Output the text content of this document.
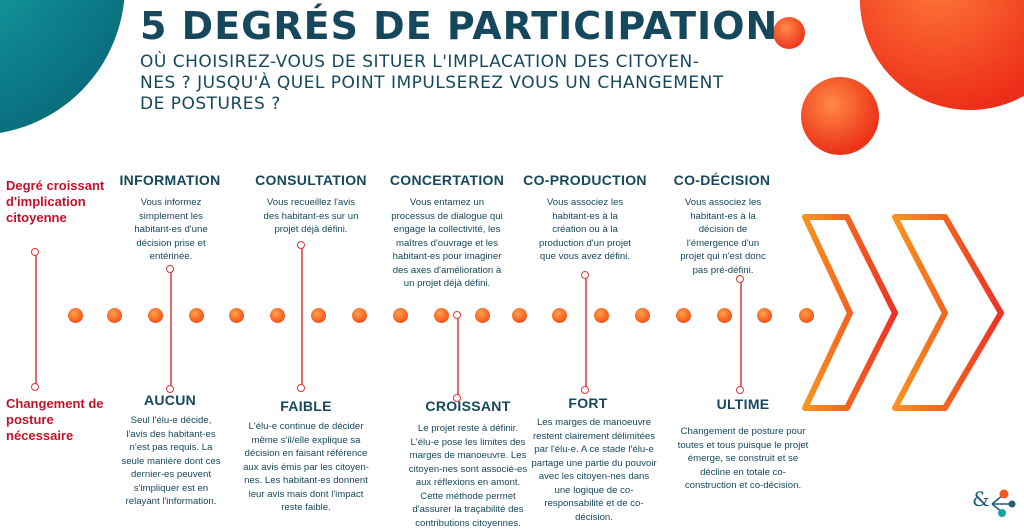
5 DEGRÉS DE PARTICIPATION
OÙ CHOISIREZ-VOUS DE SITUER L'IMPLACATION DES CITOYEN-NES ? JUSQU'À QUEL POINT IMPULSEREZ VOUS UN CHANGEMENT DE POSTURES ?
Degré croissant d'implication citoyenne
Changement de posture nécessaire
INFORMATION	CONSULTATION	CONCERTATION	CO-PRODUCTION	CO-DÉCISION
Vous informez simplement les habitant-es d'une décision prise et entérinée.
Vous recueillez l'avis des habitant-es sur un projet déjà défini.
Vous entamez un processus de dialogue qui engage la collectivité, les maîtres d'ouvrage et les habitant-es pour imaginer des axes d'amélioration à un projet déjà défini.
Vous associez les habitant-es à la création ou à la production d'un projet que vous avez défini.
Vous associez les habitant-es à la décision de l'émergence d'un projet qui n'est donc pas pré-défini.
AUCUN	FAIBLE	CROISSANT	FORT	ULTIME
Seul l'élu-e décide, l'avis des habitant-es n'est pas requis. La seule manière dont ces dernier-es peuvent s'impliquer est en relayant l'information.
L'élu-e continue de décider même s'il/elle explique sa décision en faisant référence aux avis émis par les citoyen-nes. Les habitant-es donnent leur avis mais dont l'impact reste faible.
Le projet reste à définir. L'élu-e pose les limites des marges de manoeuvre. Les citoyen-nes sont associé-es aux réflexions en amont. Cette méthode permet d'assurer la traçabilité des contributions citoyennes.
Les marges de manoeuvre restent clairement délimitées par l'élu-e. A ce stade l'élu-e partage une partie du pouvoir avec les citoyen-nes dans une logique de co-responsabilité et de co-décision.
Changement de posture pour toutes et tous puisque le projet émerge, se construit et se décline en totale co-construction et co-décision.
&
